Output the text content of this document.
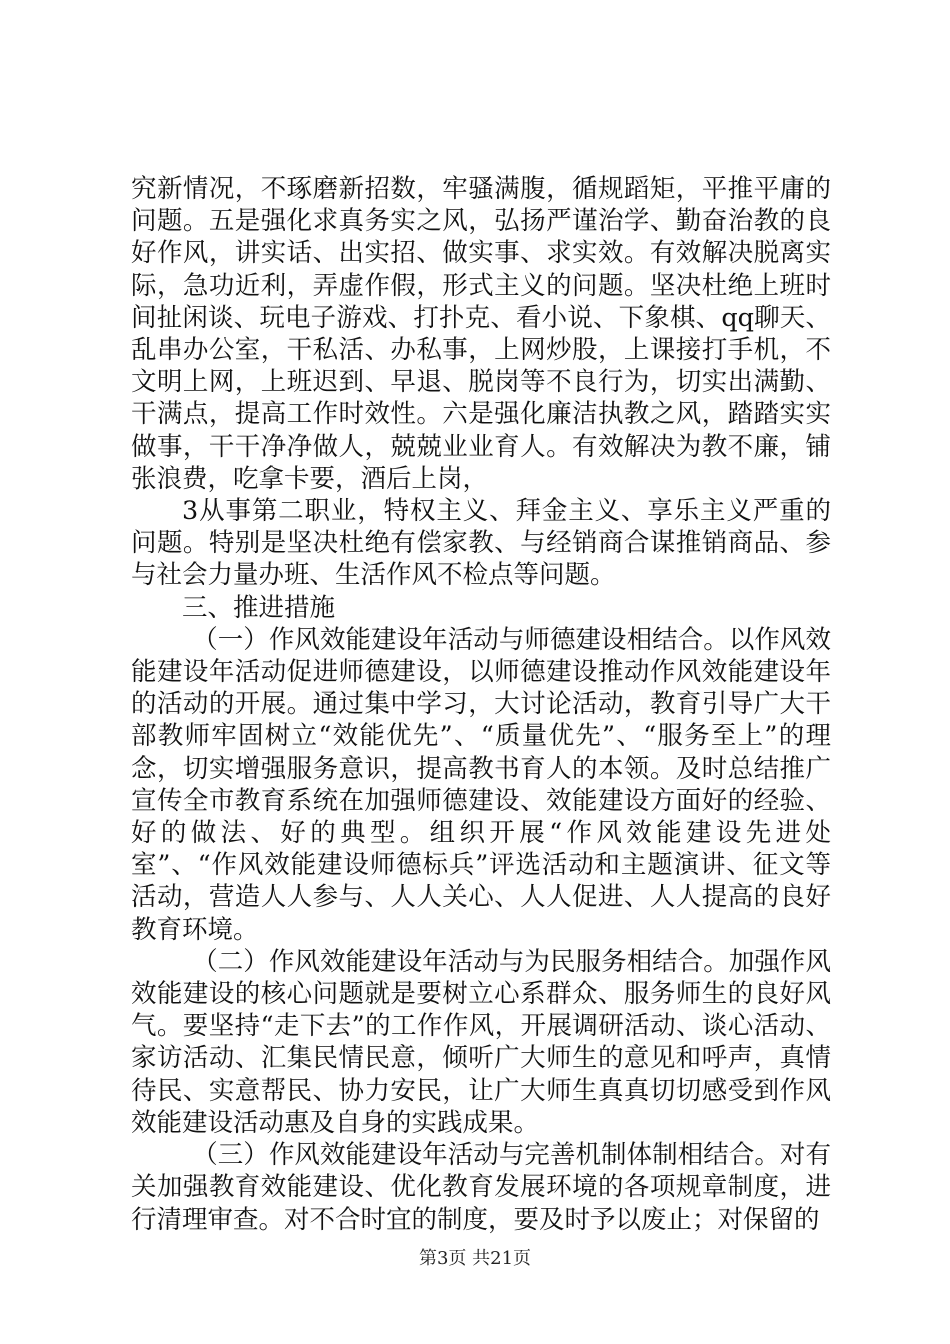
究新情况，不琢磨新招数，牢骚满腹，循规蹈矩，平推平庸的问题。五是强化求真务实之风，弘扬严谨治学、勤奋治教的良好作风，讲实话、出实招、做实事、求实效。有效解决脱离实际，急功近利，弄虚作假，形式主义的问题。坚决杜绝上班时间扯闲谈、玩电子游戏、打扑克、看小说、下象棋、qq聊天、乱串办公室，干私活、办私事，上网炒股，上课接打手机，不文明上网，上班迟到、早退、脱岗等不良行为，切实出满勤、干满点，提高工作时效性。六是强化廉洁执教之风，踏踏实实做事，干干净净做人，兢兢业业育人。有效解决为教不廉，铺张浪费，吃拿卡要，酒后上岗，

3从事第二职业，特权主义、拜金主义、享乐主义严重的问题。特别是坚决杜绝有偿家教、与经销商合谋推销商品、参与社会力量办班、生活作风不检点等问题。

三、推进措施

（一）作风效能建设年活动与师德建设相结合。以作风效能建设年活动促进师德建设，以师德建设推动作风效能建设年的活动的开展。通过集中学习，大讨论活动，教育引导广大干部教师牢固树立“效能优先”、“质量优先”、“服务至上”的理念，切实增强服务意识，提高教书育人的本领。及时总结推广宣传全市教育系统在加强师德建设、效能建设方面好的经验、好的做法、好的典型。组织开展“作风效能建设先进处室”、“作风效能建设师德标兵”评选活动和主题演讲、征文等活动，营造人人参与、人人关心、人人促进、人人提高的良好教育环境。

（二）作风效能建设年活动与为民服务相结合。加强作风效能建设的核心问题就是要树立心系群众、服务师生的良好风气。要坚持“走下去”的工作作风，开展调研活动、谈心活动、家访活动、汇集民情民意，倾听广大师生的意见和呼声，真情待民、实意帮民、协力安民，让广大师生真真切切感受到作风效能建设活动惠及自身的实践成果。

（三）作风效能建设年活动与完善机制体制相结合。对有关加强教育效能建设、优化教育发展环境的各项规章制度，进行清理审查。对不合时宜的制度，要及时予以废止；对保留的

第3页 共21页
